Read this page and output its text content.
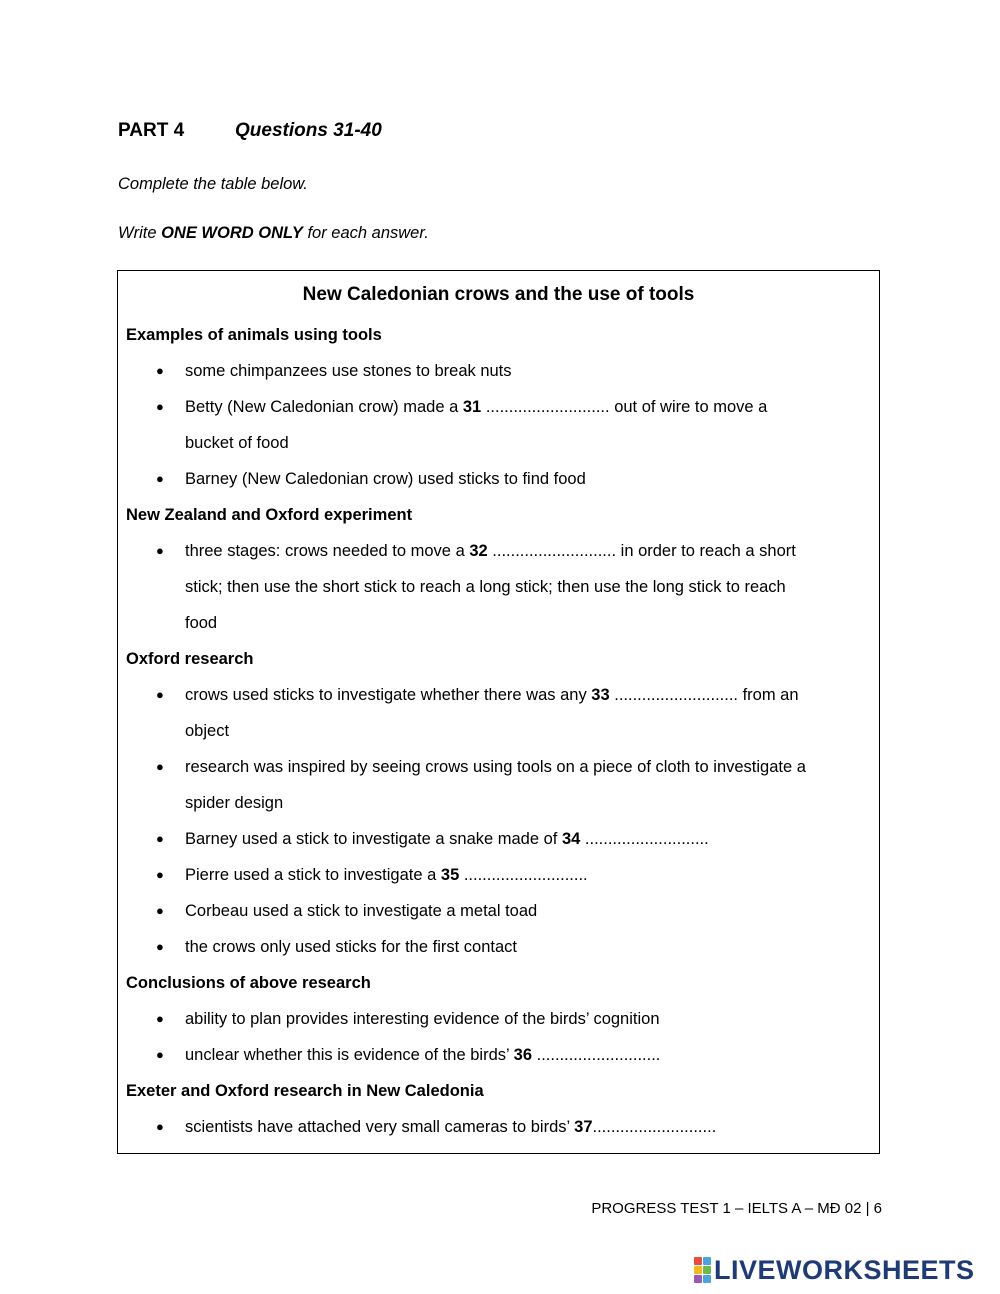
PART 4	Questions 31-40
Complete the table below.
Write ONE WORD ONLY for each answer.
New Caledonian crows and the use of tools
Examples of animals using tools
● some chimpanzees use stones to break nuts
● Betty (New Caledonian crow) made a 31 ........................... out of wire to move a
bucket of food
● Barney (New Caledonian crow) used sticks to find food
New Zealand and Oxford experiment
● three stages: crows needed to move a 32 ........................... in order to reach a short
stick; then use the short stick to reach a long stick; then use the long stick to reach
food
Oxford research
● crows used sticks to investigate whether there was any 33 ........................... from an
object
● research was inspired by seeing crows using tools on a piece of cloth to investigate a
spider design
● Barney used a stick to investigate a snake made of 34 ...........................
● Pierre used a stick to investigate a 35 ...........................
● Corbeau used a stick to investigate a metal toad
● the crows only used sticks for the first contact
Conclusions of above research
● ability to plan provides interesting evidence of the birds’ cognition
● unclear whether this is evidence of the birds’ 36 ...........................
Exeter and Oxford research in New Caledonia
● scientists have attached very small cameras to birds’ 37...........................
PROGRESS TEST 1 – IELTS A – MĐ 02 | 6
LIVEWORKSHEETS
